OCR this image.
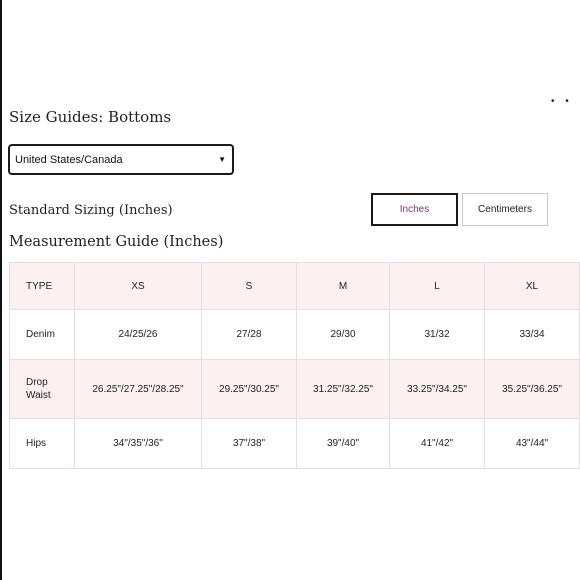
• •
Size Guides: Bottoms
United States/Canada	▼
Standard Sizing (Inches)	Inches	Centimeters
Measurement Guide (Inches)
TYPE	XS	S	M	L	XL
Denim	24/25/26	27/28	29/30	31/32	33/34
Drop
Waist	26.25"/27.25"/28.25"	29.25"/30.25"	31.25"/32.25"	33.25"/34.25"	35.25"/36.25"
Hips	34"/35"/36"	37"/38"	39"/40"	41"/42"	43"/44"
